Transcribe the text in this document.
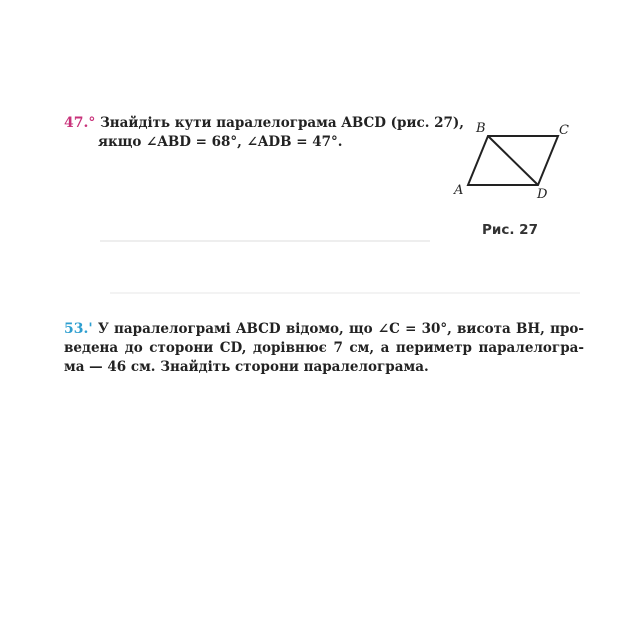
47.° Знайдіть кути паралелограма ABCD (рис. 27),
якщо ∠ABD = 68°, ∠ADB = 47°.
A
B	C
D
Рис. 27
53.' У паралелограмі ABCD відомо, що ∠C = 30°, висота BH, про-
ведена до сторони CD, дорівнює 7 см, а периметр паралелогра-
ма — 46 см. Знайдіть сторони паралелограма.
